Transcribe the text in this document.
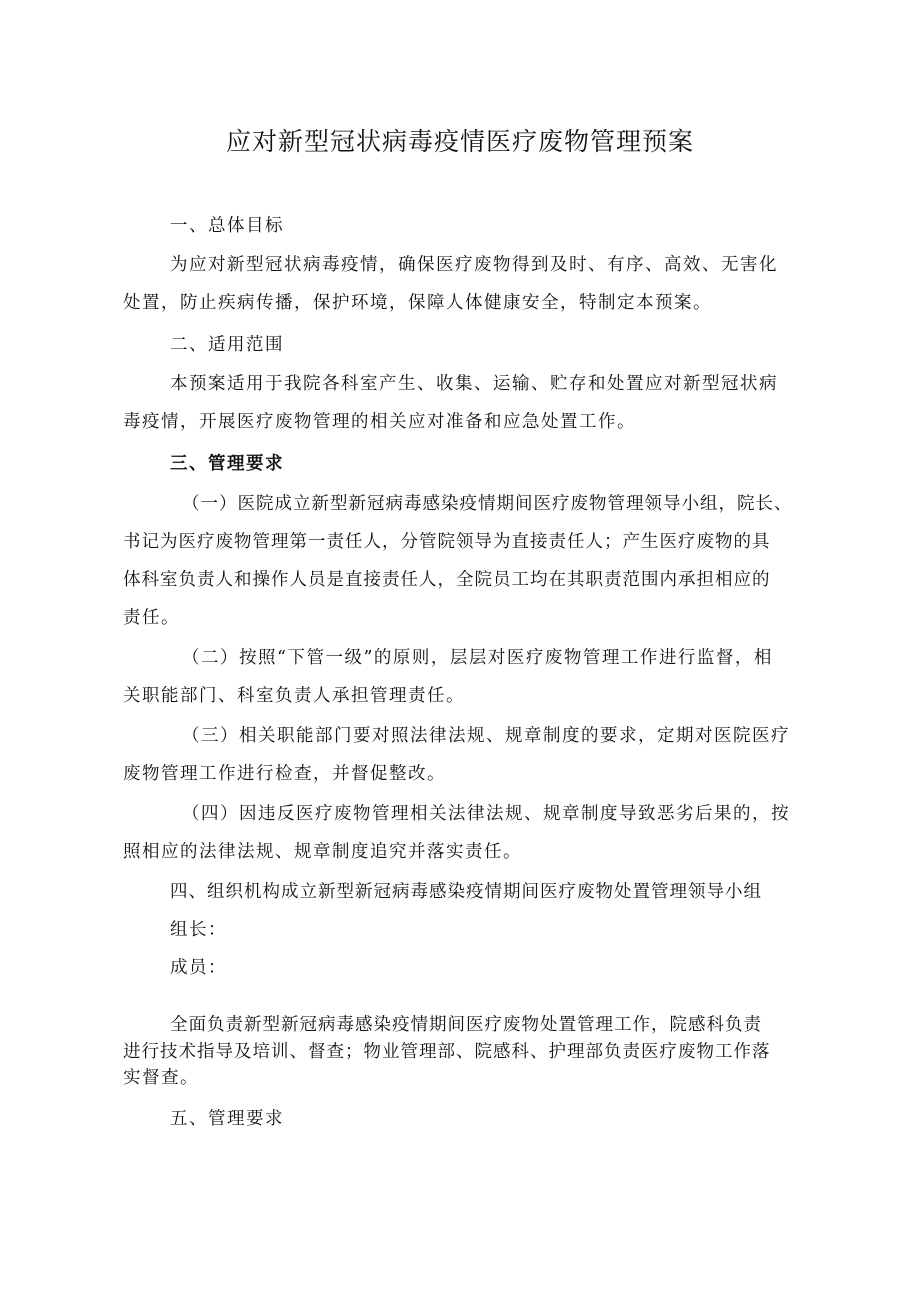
应对新型冠状病毒疫情医疗废物管理预案
一、总体目标
为应对新型冠状病毒疫情，确保医疗废物得到及时、有序、高效、无害化
处置，防止疾病传播，保护环境，保障人体健康安全，特制定本预案。
二、适用范围
本预案适用于我院各科室产生、收集、运输、贮存和处置应对新型冠状病
毒疫情，开展医疗废物管理的相关应对准备和应急处置工作。
三、管理要求
（一）医院成立新型新冠病毒感染疫情期间医疗废物管理领导小组，院长、
书记为医疗废物管理第一责任人，分管院领导为直接责任人；产生医疗废物的具
体科室负责人和操作人员是直接责任人，全院员工均在其职责范围内承担相应的
责任。
（二）按照“下管一级”的原则，层层对医疗废物管理工作进行监督，相
关职能部门、科室负责人承担管理责任。
（三）相关职能部门要对照法律法规、规章制度的要求，定期对医院医疗
废物管理工作进行检查，并督促整改。
（四）因违反医疗废物管理相关法律法规、规章制度导致恶劣后果的，按
照相应的法律法规、规章制度追究并落实责任。
四、组织机构成立新型新冠病毒感染疫情期间医疗废物处置管理领导小组
组长：
成员：
全面负责新型新冠病毒感染疫情期间医疗废物处置管理工作，院感科负责
进行技术指导及培训、督查；物业管理部、院感科、护理部负责医疗废物工作落
实督查。
五、管理要求
